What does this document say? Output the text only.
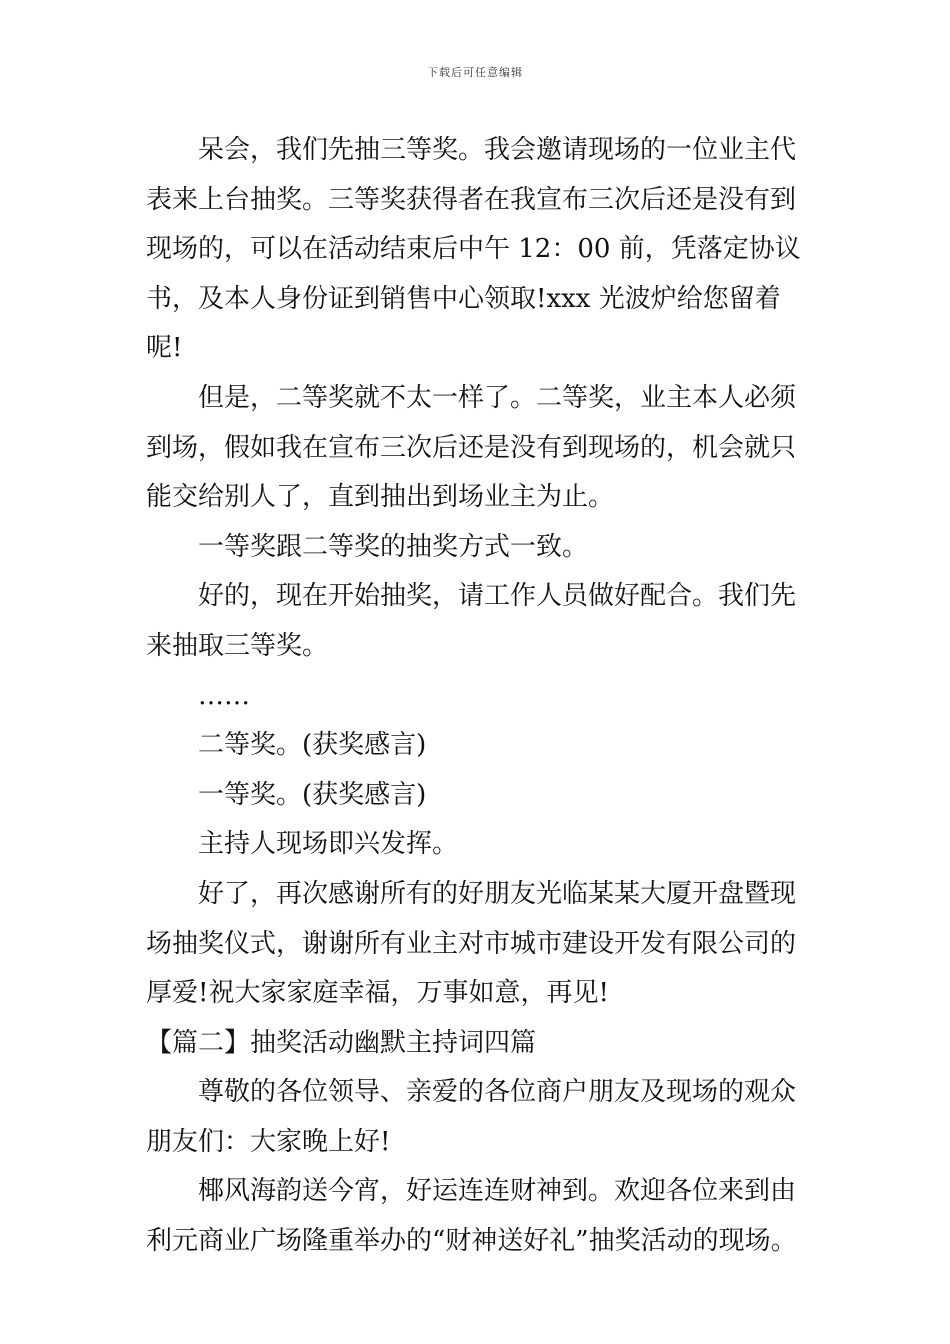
下载后可任意编辑

呆会，我们先抽三等奖。我会邀请现场的一位业主代表来上台抽奖。三等奖获得者在我宣布三次后还是没有到现场的，可以在活动结束后中午 12：00 前，凭落定协议书，及本人身份证到销售中心领取!xxx 光波炉给您留着呢!

但是，二等奖就不太一样了。二等奖，业主本人必须到场，假如我在宣布三次后还是没有到现场的，机会就只能交给别人了，直到抽出到场业主为止。

一等奖跟二等奖的抽奖方式一致。

好的，现在开始抽奖，请工作人员做好配合。我们先来抽取三等奖。

……

二等奖。(获奖感言)

一等奖。(获奖感言)

主持人现场即兴发挥。

好了，再次感谢所有的好朋友光临某某大厦开盘暨现场抽奖仪式，谢谢所有业主对市城市建设开发有限公司的厚爱!祝大家家庭幸福，万事如意，再见!

【篇二】抽奖活动幽默主持词四篇

尊敬的各位领导、亲爱的各位商户朋友及现场的观众朋友们：大家晚上好!

椰风海韵送今宵，好运连连财神到。欢迎各位来到由利元商业广场隆重举办的“财神送好礼”抽奖活动的现场。
